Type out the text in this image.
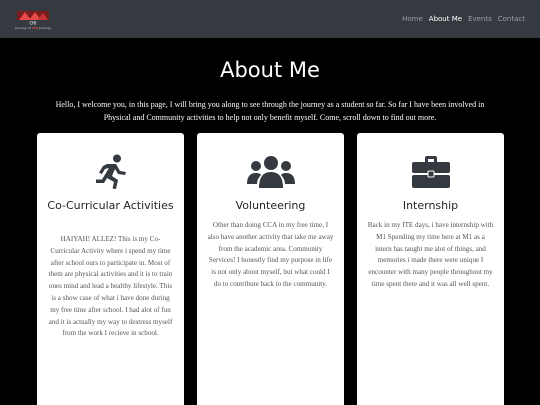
CHJ
Journey of CHJ Journey
Home About Me Events Contact
About Me

Hello, I welcome you, in this page, I will bring you along to see through the journey as a student so far. So far I have been involved in Physical and Community activities to help not only benefit myself. Come, scroll down to find out more.

Co-Curricular Activities
HAIYAH! ALLEZ! This is my Co-Curricular Activity where i spend my time after school ours to participate in. Most of them are physical activities and it is to train ones mind and lead a healthy lifestyle. This is a show case of what i have done during my free time after school. I had alot of fun and it is actually my way to destress myself from the work I recieve in school.
Volunteering
Other than doing CCA in my free time, I also have another activity that take me away from the academic area. Community Services! I honestly find my purpose in life is not only about myself, but what could I do to contribute back to the community.
Internship
Back in my ITE days, i have internship with M1 Spending my time here at M1 as a intern has taught me alot of things, and memories i made there were unique I encounter with many people throughout my time spent there and it was all well spent.
